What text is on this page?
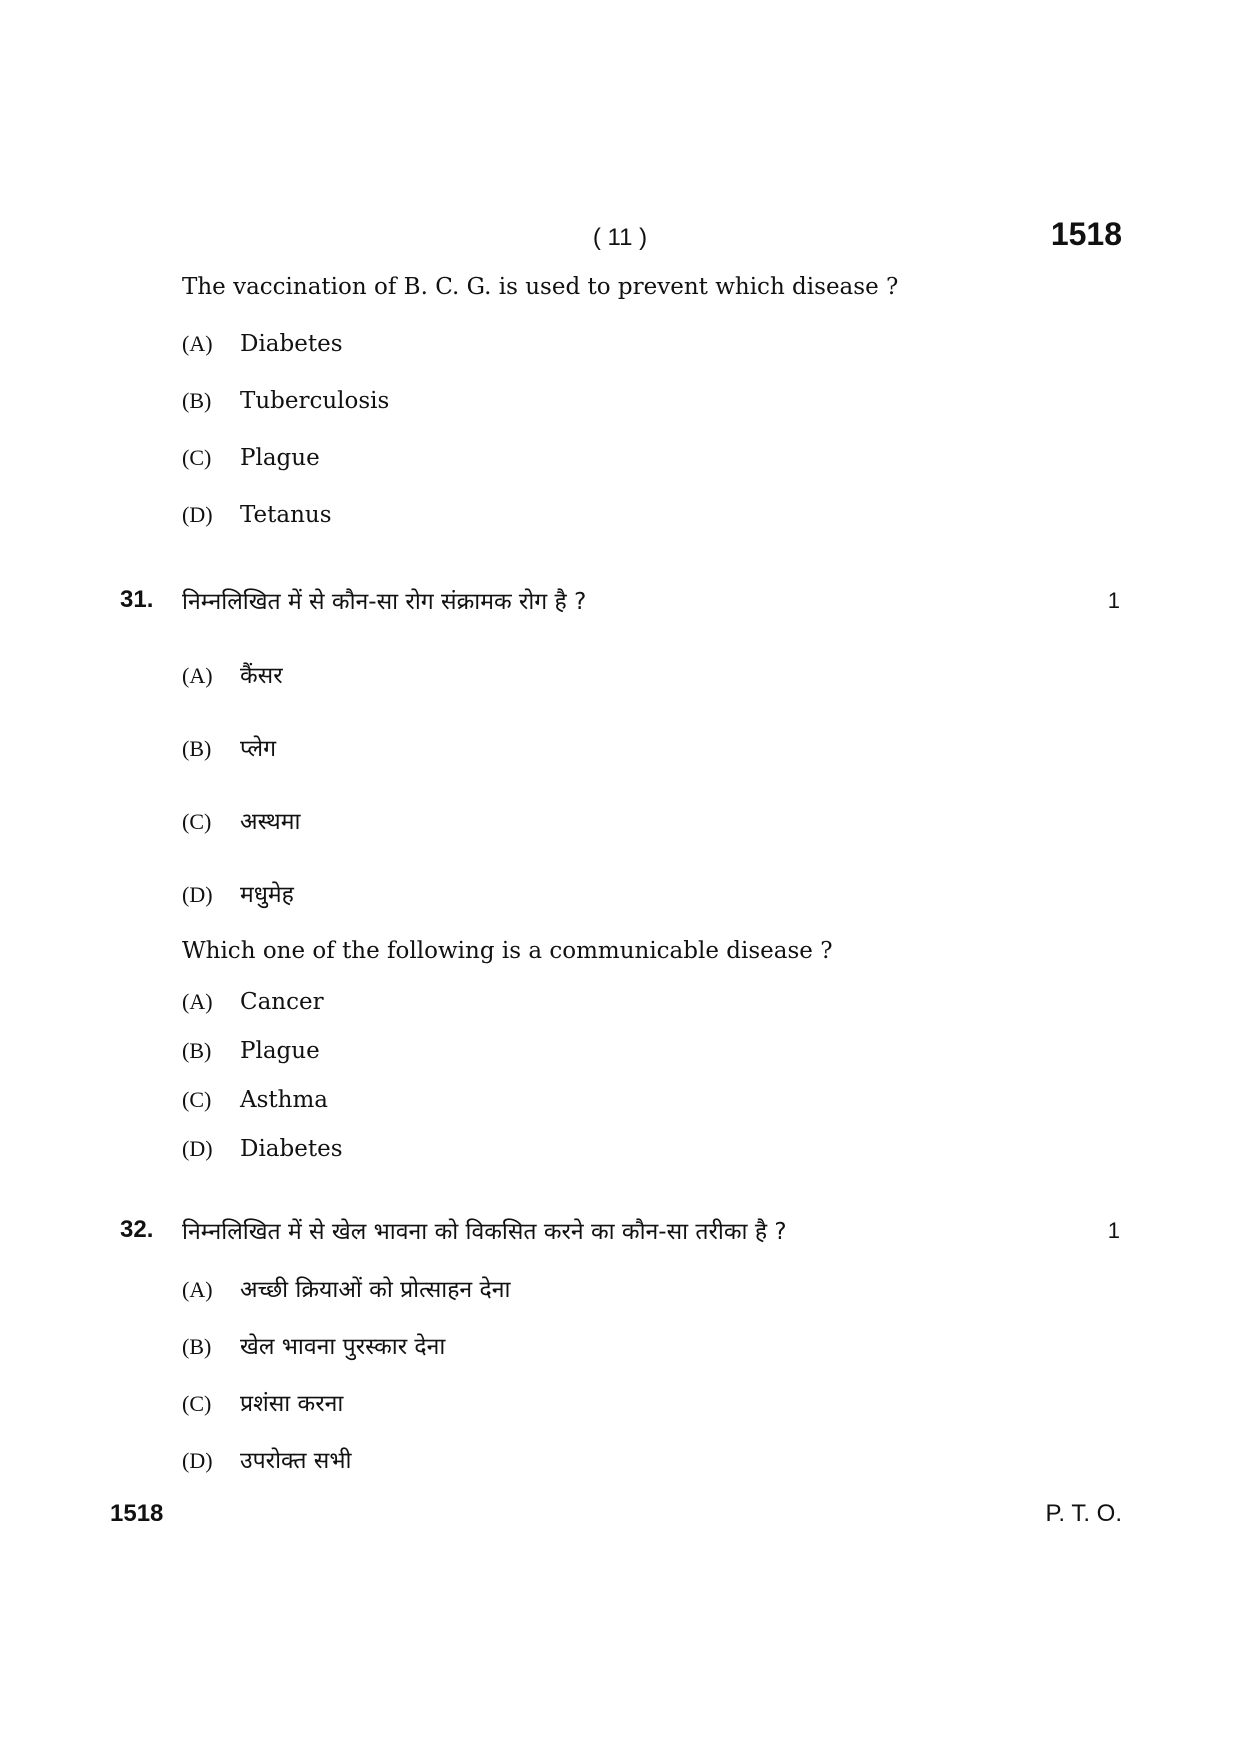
( 11 )	1518
The vaccination of B. C. G. is used to prevent which disease ?
(A) Diabetes
(B) Tuberculosis
(C) Plague
(D) Tetanus
31.	निम्नलिखित में से कौन-सा रोग संक्रामक रोग है ?	1
(A) कैंसर
(B) प्लेग
(C) अस्थमा
(D) मधुमेह
Which one of the following is a communicable disease ?
(A) Cancer
(B) Plague
(C) Asthma
(D) Diabetes
32.	निम्नलिखित में से खेल भावना को विकसित करने का कौन-सा तरीका है ?	1
(A) अच्छी क्रियाओं को प्रोत्साहन देना
(B) खेल भावना पुरस्कार देना
(C) प्रशंसा करना
(D) उपरोक्त सभी
1518	P. T. O.
